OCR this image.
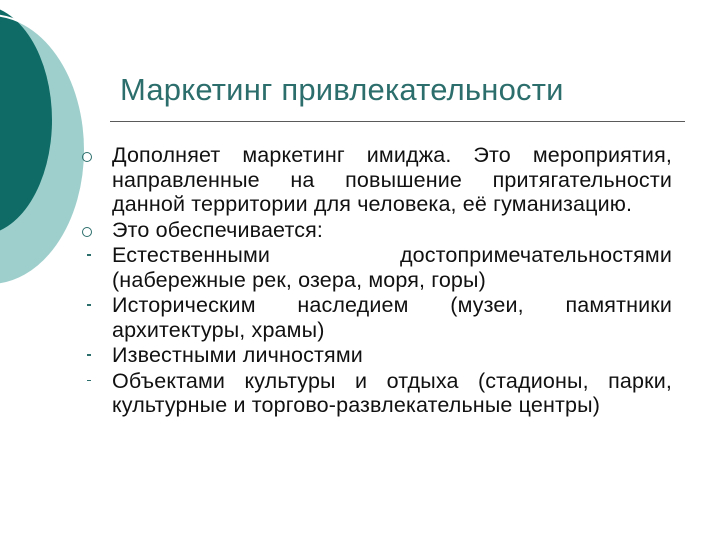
Маркетинг привлекательности
Дополняет маркетинг имиджа. Это мероприятия, направленные на повышение притягательности данной территории для человека, её гуманизацию.
Это обеспечивается:
Естественными достопримечательностями (набережные рек, озера, моря, горы)
Историческим наследием (музеи, памятники архитектуры, храмы)
Известными личностями
Объектами культуры и отдыха (стадионы, парки, культурные и торгово-развлекательные центры)
